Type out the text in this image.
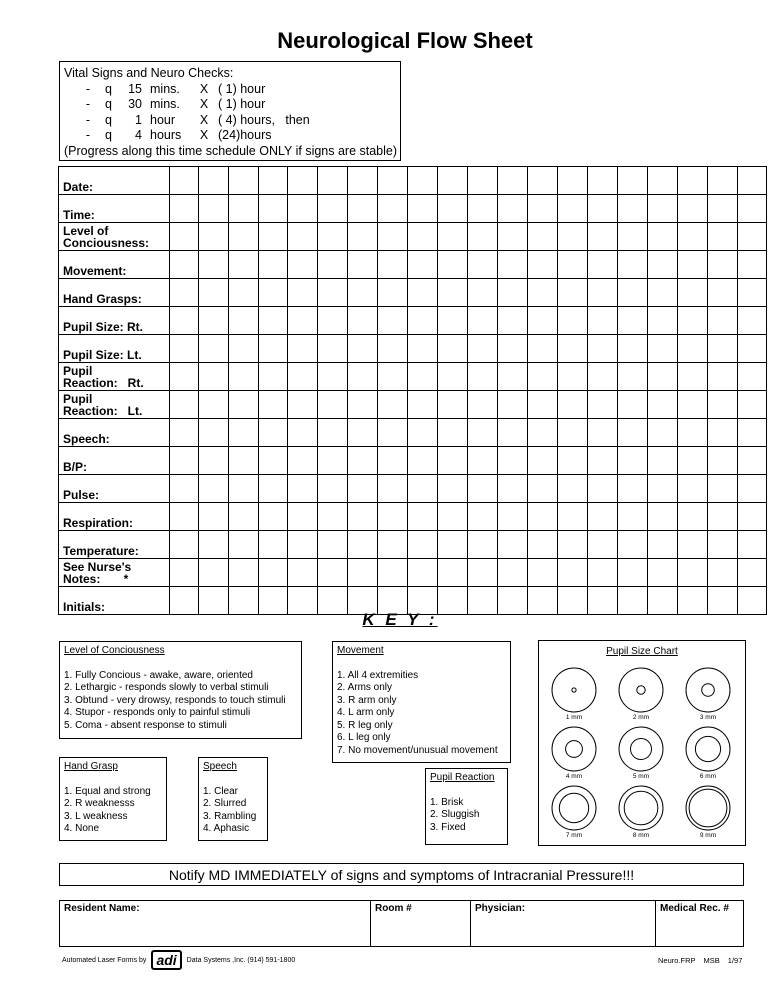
Neurological Flow Sheet
Vital Signs and Neuro Checks:
-	q	15 mins.	X ( 1) hour
-	q	30 mins.	X ( 1) hour
-	q	1 hour	X ( 4) hours,   then
-	q	4 hours	X (24)hours
(Progress along this time schedule ONLY if signs are stable)
Date:																				
Time:																				
Level of
Conciousness:																				
Movement:																				
Hand Grasps:																				
Pupil Size: Rt.																				
Pupil Size: Lt.																				
Pupil
Reaction:   Rt.																				
Pupil
Reaction:   Lt.																				
Speech:																				
B/P:																				
Pulse:																				
Respiration:																				
Temperature:																				
See Nurse's
Notes:       *																				
Initials:																				
K E Y :
Level of Conciousness
1. Fully Concious - awake, aware, oriented
2. Lethargic - responds slowly to verbal stimuli
3. Obtund - very drowsy, responds to touch stimuli
4. Stupor - responds only to painful stimuli
5. Coma - absent response to stimuli
Movement
1. All 4 extremities
2. Arms only
3. R arm only
4. L arm only
5. R leg only
6. L leg only
7. No movement/unusual movement
Hand Grasp
1. Equal and strong
2. R weaknesss
3. L weakness
4. None
Speech
1. Clear
2. Slurred
3. Rambling
4. Aphasic
Pupil Reaction
1. Brisk
2. Sluggish
3. Fixed
Pupil Size Chart
1 mm	2 mm	3 mm
4 mm	5 mm	6 mm
7 mm	8 mm	9 mm
Notify MD IMMEDIATELY of signs and symptoms of Intracranial Pressure!!!
Resident Name:	Room #	Physician:	Medical Rec. #
Automated Laser Forms by adi	Data Systems ,Inc. (914) 591-1800	Neuro.FRP MSB 1/97
